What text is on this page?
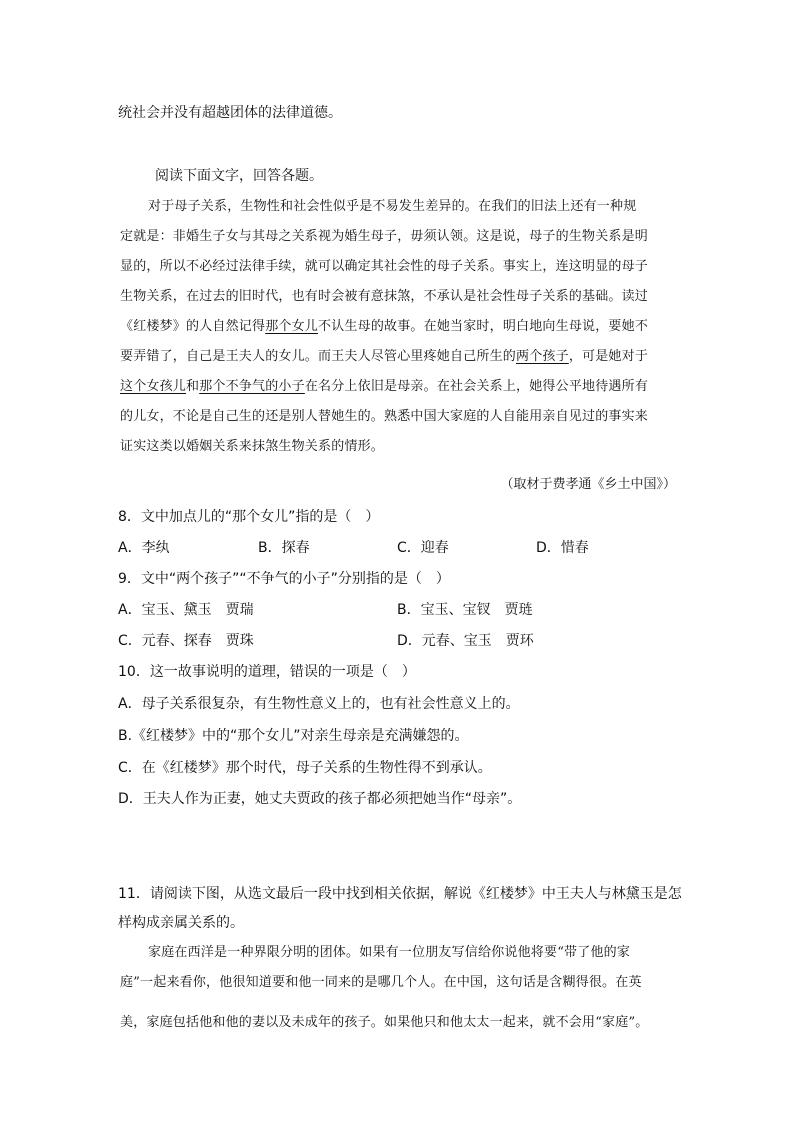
统社会并没有超越团体的法律道德。
阅读下面文字，回答各题。
对于母子关系，生物性和社会性似乎是不易发生差异的。在我们的旧法上还有一种规
定就是：非婚生子女与其母之关系视为婚生母子，毋须认领。这是说，母子的生物关系是明
显的，所以不必经过法律手续，就可以确定其社会性的母子关系。事实上，连这明显的母子
生物关系，在过去的旧时代，也有时会被有意抹煞，不承认是社会性母子关系的基础。读过
《红楼梦》的人自然记得那个女儿不认生母的故事。在她当家时，明白地向生母说，要她不
要弄错了，自己是王夫人的女儿。而王夫人尽管心里疼她自己所生的两个孩子，可是她对于
这个女孩儿和那个不争气的小子在名分上依旧是母亲。在社会关系上，她得公平地待遇所有
的儿女，不论是自己生的还是别人替她生的。熟悉中国大家庭的人自能用亲自见过的事实来
证实这类以婚姻关系来抹煞生物关系的情形。
（取材于费孝通《乡土中国》）
8．文中加点儿的“那个女儿”指的是（　）
A．李纨	B．探春	C．迎春	D．惜春
9．文中“两个孩子”“不争气的小子”分别指的是（　）
A．宝玉、黛玉　贾瑞	B．宝玉、宝钗　贾琏
C．元春、探春　贾珠	D．元春、宝玉　贾环
10．这一故事说明的道理，错误的一项是（　）
A．母子关系很复杂，有生物性意义上的，也有社会性意义上的。
B.《红楼梦》中的“那个女儿”对亲生母亲是充满嫌怨的。
C．在《红楼梦》那个时代，母子关系的生物性得不到承认。
D．王夫人作为正妻，她丈夫贾政的孩子都必须把她当作“母亲”。
11．请阅读下图，从选文最后一段中找到相关依据，解说《红楼梦》中王夫人与林黛玉是怎
样构成亲属关系的。
家庭在西洋是一种界限分明的团体。如果有一位朋友写信给你说他将要“带了他的家
庭”一起来看你，他很知道要和他一同来的是哪几个人。在中国，这句话是含糊得很。在英
美，家庭包括他和他的妻以及未成年的孩子。如果他只和他太太一起来，就不会用“家庭”。
